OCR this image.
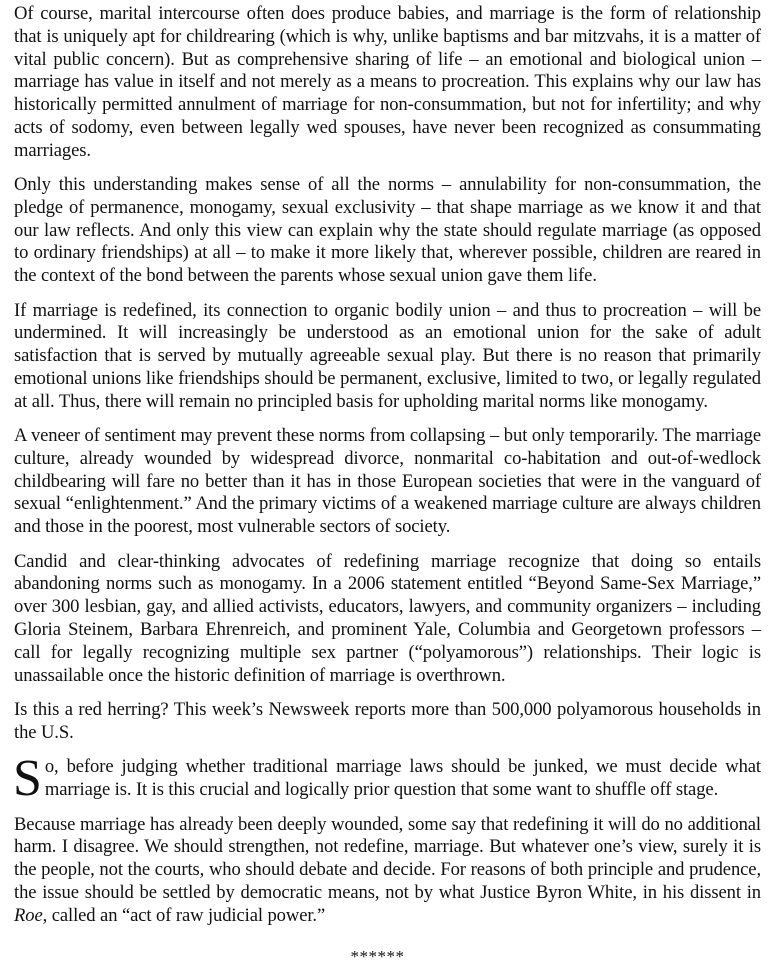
Of course, marital intercourse often does produce babies, and marriage is the form of relationship that is uniquely apt for childrearing (which is why, unlike baptisms and bar mitzvahs, it is a matter of vital public concern). But as comprehensive sharing of life – an emotional and biological union – marriage has value in itself and not merely as a means to procreation. This explains why our law has historically permitted annulment of marriage for non-consummation, but not for infertility; and why acts of sodomy, even between legally wed spouses, have never been recognized as consummating marriages.

Only this understanding makes sense of all the norms – annulability for non-consummation, the pledge of permanence, monogamy, sexual exclusivity – that shape marriage as we know it and that our law reflects. And only this view can explain why the state should regulate marriage (as opposed to ordinary friendships) at all – to make it more likely that, wherever possible, children are reared in the context of the bond between the parents whose sexual union gave them life.

If marriage is redefined, its connection to organic bodily union – and thus to procreation – will be undermined. It will increasingly be understood as an emotional union for the sake of adult satisfaction that is served by mutually agreeable sexual play. But there is no reason that primarily emotional unions like friendships should be permanent, exclusive, limited to two, or legally regulated at all. Thus, there will remain no principled basis for upholding marital norms like monogamy.

A veneer of sentiment may prevent these norms from collapsing – but only temporarily. The marriage culture, already wounded by widespread divorce, nonmarital co-habitation and out-of-wedlock childbearing will fare no better than it has in those European societies that were in the vanguard of sexual “enlightenment.” And the primary victims of a weakened marriage culture are always children and those in the poorest, most vulnerable sectors of society.

Candid and clear-thinking advocates of redefining marriage recognize that doing so entails abandoning norms such as monogamy. In a 2006 statement entitled “Beyond Same-Sex Marriage,” over 300 lesbian, gay, and allied activists, educators, lawyers, and community organizers – including Gloria Steinem, Barbara Ehrenreich, and prominent Yale, Columbia and Georgetown professors – call for legally recognizing multiple sex partner (“polyamorous”) relationships. Their logic is unassailable once the historic definition of marriage is overthrown.

Is this a red herring? This week’s Newsweek reports more than 500,000 polyamorous households in the U.S.

So, before judging whether traditional marriage laws should be junked, we must decide what marriage is. It is this crucial and logically prior question that some want to shuffle off stage.

Because marriage has already been deeply wounded, some say that redefining it will do no additional harm. I disagree. We should strengthen, not redefine, marriage. But whatever one’s view, surely it is the people, not the courts, who should debate and decide. For reasons of both principle and prudence, the issue should be settled by democratic means, not by what Justice Byron White, in his dissent in Roe, called an “act of raw judicial power.”

******
